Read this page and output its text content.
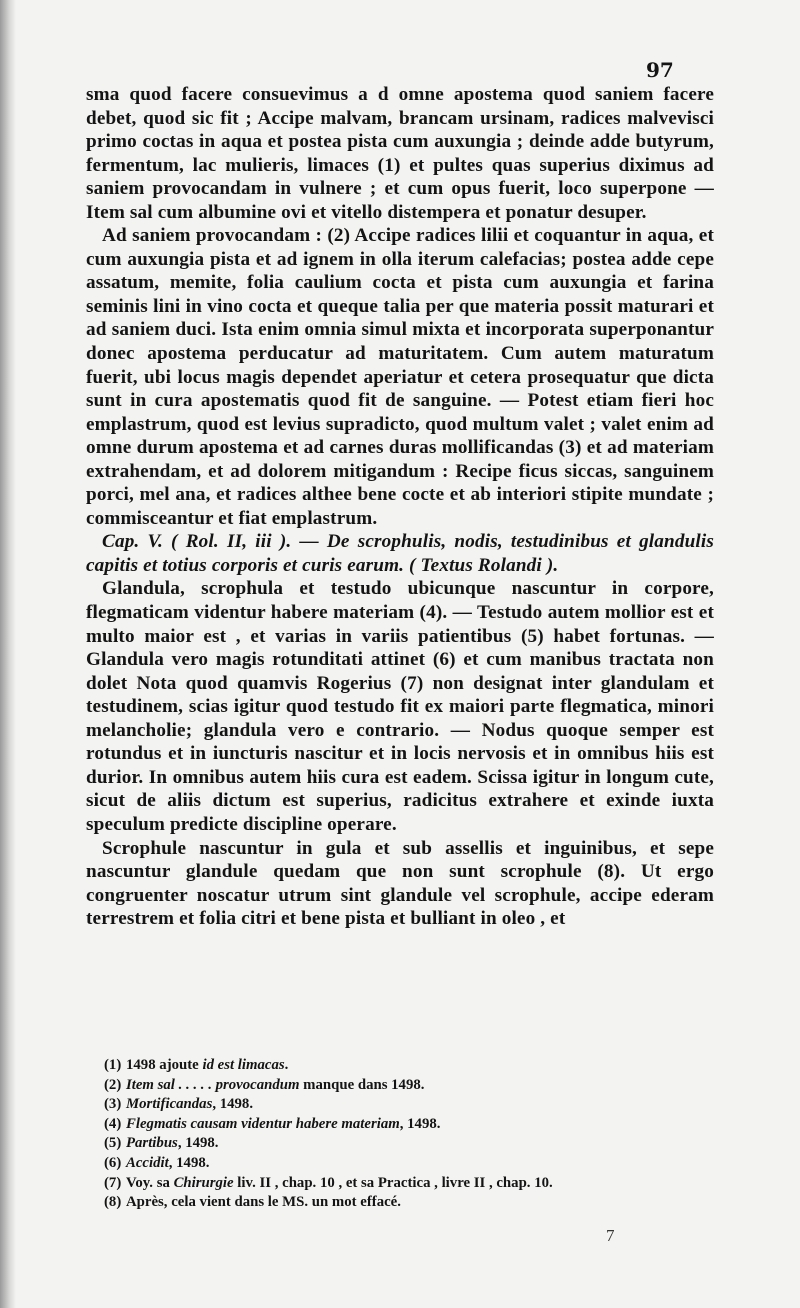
97

sma quod facere consuevimus a d omne apostema quod saniem facere debet, quod sic fit ; Accipe malvam, brancam ursinam, radices malvevisci primo coctas in aqua et postea pista cum auxungia ; deinde adde butyrum, fermentum, lac mulieris, limaces (1) et pultes quas superius diximus ad saniem provocandam in vulnere ; et cum opus fuerit, loco superpone — Item sal cum albumine ovi et vitello distempera et ponatur desuper.

Ad saniem provocandam : (2) Accipe radices lilii et coquantur in aqua, et cum auxungia pista et ad ignem in olla iterum calefacias; postea adde cepe assatum, memite, folia caulium cocta et pista cum auxungia et farina seminis lini in vino cocta et queque talia per que materia possit maturari et ad saniem duci. Ista enim omnia simul mixta et incorporata superponantur donec apostema perducatur ad maturitatem. Cum autem maturatum fuerit, ubi locus magis dependet aperiatur et cetera prosequatur que dicta sunt in cura apostematis quod fit de sanguine. — Potest etiam fieri hoc emplastrum, quod est levius supradicto, quod multum valet ; valet enim ad omne durum apostema et ad carnes duras mollificandas (3) et ad materiam extrahendam, et ad dolorem mitigandum : Recipe ficus siccas, sanguinem porci, mel ana, et radices althee bene cocte et ab interiori stipite mundate ; commisceantur et fiat emplastrum.

Cap. V. ( Rol. II, iii ). — De scrophulis, nodis, testudinibus et glandulis capitis et totius corporis et curis earum. ( Textus Rolandi ).

Glandula, scrophula et testudo ubicunque nascuntur in corpore, flegmaticam videntur habere materiam (4). — Testudo autem mollior est et multo maior est , et varias in variis patientibus (5) habet fortunas. — Glandula vero magis rotunditati attinet (6) et cum manibus tractata non dolet Nota quod quamvis Rogerius (7) non designat inter glandulam et testudinem, scias igitur quod testudo fit ex maiori parte flegmatica, minori melancholie; glandula vero e contrario. — Nodus quoque semper est rotundus et in iuncturis nascitur et in locis nervosis et in omnibus hiis est durior. In omnibus autem hiis cura est eadem. Scissa igitur in longum cute, sicut de aliis dictum est superius, radicitus extrahere et exinde iuxta speculum predicte discipline operare.

Scrophule nascuntur in gula et sub assellis et inguinibus, et sepe nascuntur glandule quedam que non sunt scrophule (8). Ut ergo congruenter noscatur utrum sint glandule vel scrophule, accipe ederam terrestrem et folia citri et bene pista et bulliant in oleo , et

(1) 1498 ajoute id est limacas.

(2) Item sal . . . . . provocandum manque dans 1498.

(3) Mortificandas, 1498.

(4) Flegmatis causam videntur habere materiam, 1498.

(5) Partibus, 1498.

(6) Accidit, 1498.

(7) Voy. sa Chirurgie liv. II , chap. 10 , et sa Practica , livre II , chap. 10.

(8) Après, cela vient dans le MS. un mot effacé.

7
